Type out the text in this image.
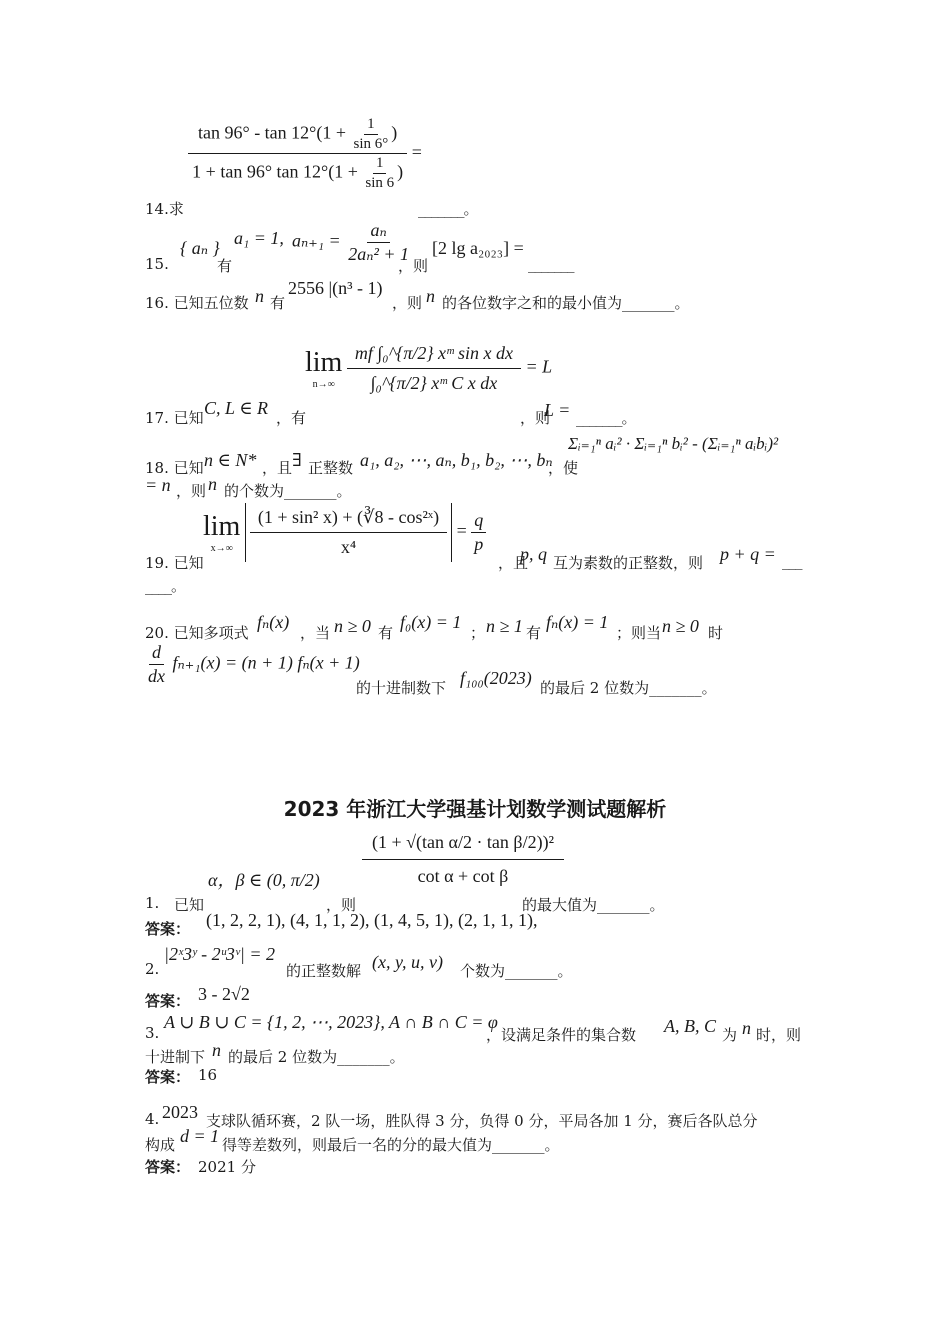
$\frac{\tan 96^\circ - \tan 12^\circ(1 + \frac{1}{\sin 6^\circ} )}{1 + \tan 96^\circ \tan 12^\circ(1 + \frac{1}{\sin 6} )}$ =
14.求	_______。
15.
{ aₙ }
有
a₁ = 1, $a_{n+1} = \frac{\text{aₙ}}{\text{2aₙ² + 1}}$
，则
[2 lg a₂₀₂₃] =
_______
16. 已知五位数 n 有
2556 |(n³ - 1)
，则 n 的各位数字之和的最小值为_______。
17. 已知 C, L ∈ R ，有
lim
n→∞
$\frac{\text{mf ∫₀\textasciicircum{}\{π/2\} xᵐ sin x dx}}{\text{∫₀\textasciicircum{}\{π/2\} xᵐ C x dx}} = L$
，则
L = _______。
18. 已知 n ∈ N* ，且 ∃ 正整数 a₁, a₂, ⋯, aₙ, b₁, b₂, ⋯, bₙ
，使
Σᵢ₌₁ⁿ aᵢ² · Σᵢ₌₁ⁿ bᵢ² - (Σᵢ₌₁ⁿ aᵢbᵢ)²
= n ，则 n 的个数为_______。
19. 已知
lim
x→∞
$\frac{\text{(1 + sin² x) + (∛8 - cos²ˣ)}}{\text{x⁴}} = \frac{q}{p}$
，且
p, q 互为素数的正整数，则 p + q = ___
____。
20. 已知多项式
fₙ(x)
，当 n ≥ 0 有
f₀(x) = 1
； n ≥ 1 有
fₙ(x) = 1
；则当 n ≥ 0 时
$\frac{d}{dx} f_{n+1}(x) = (n + 1) f_n(x + 1)$
的十进制数下 f₁₀₀(2023) 的最后 2 位数为_______。
2023 年浙江大学强基计划数学测试题解析
1. 已知
α，β ∈ (0, π/2)
，则
$\frac{\text{(1 + √(tan α/2 · tan β/2))²}}{\text{cot α + cot β}}$
的最大值为_______。
答案： (1, 2, 2, 1), (4, 1, 1, 2), (1, 4, 5, 1), (2, 1, 1, 1),
2.
|2ˣ3ʸ - 2ᵘ3ᵛ| = 2
的正整数解 (x, y, u, v) 个数为_______。
答案： 3 - 2√2
3.
A ∪ B ∪ C = {1, 2, ⋯, 2023}, A ∩ B ∩ C = φ
，设满足条件的集合数 A, B, C 为 n 时，则
十进制下 n 的最后 2 位数为_______。
答案： 16
4. 2023 支球队循环赛，2 队一场，胜队得 3 分，负得 0 分，平局各加 1 分，赛后各队总分
构成 d = 1 得等差数列，则最后一名的分的最大值为_______。
答案： 2021 分
